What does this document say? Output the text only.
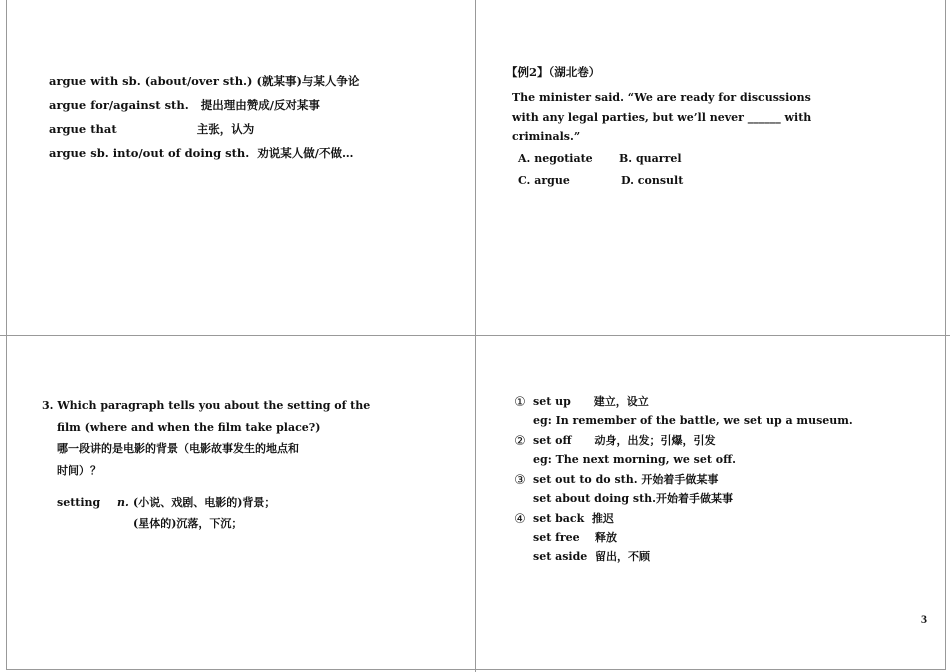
argue with sb. (about/over sth.) (就某事)与某人争论
argue for/against sth.   提出理由赞成/反对某事
argue that                    主张，认为
argue sb. into/out of doing sth.  劝说某人做/不做…
【例2】（湖北卷）
The minister said. “We are ready for discussions
with any legal parties, but we’ll never ______ with
criminals.”
A. negotiate B. quarrel
C. argue	D. consult
3. Which paragraph tells you about the setting of the
film (where and when the film take place?)
哪一段讲的是电影的背景（电影故事发生的地点和
时间）？
setting n. (小说、戏剧、电影的)背景；
(星体的)沉落，下沉；
① set up      建立，设立
eg: In remember of the battle, we set up a museum.
② set off      动身，出发；引爆，引发
eg: The next morning, we set off.
③ set out to do sth. 开始着手做某事
set about doing sth.开始着手做某事
④ set back  推迟
set free    释放
set aside  留出，不顾
3
